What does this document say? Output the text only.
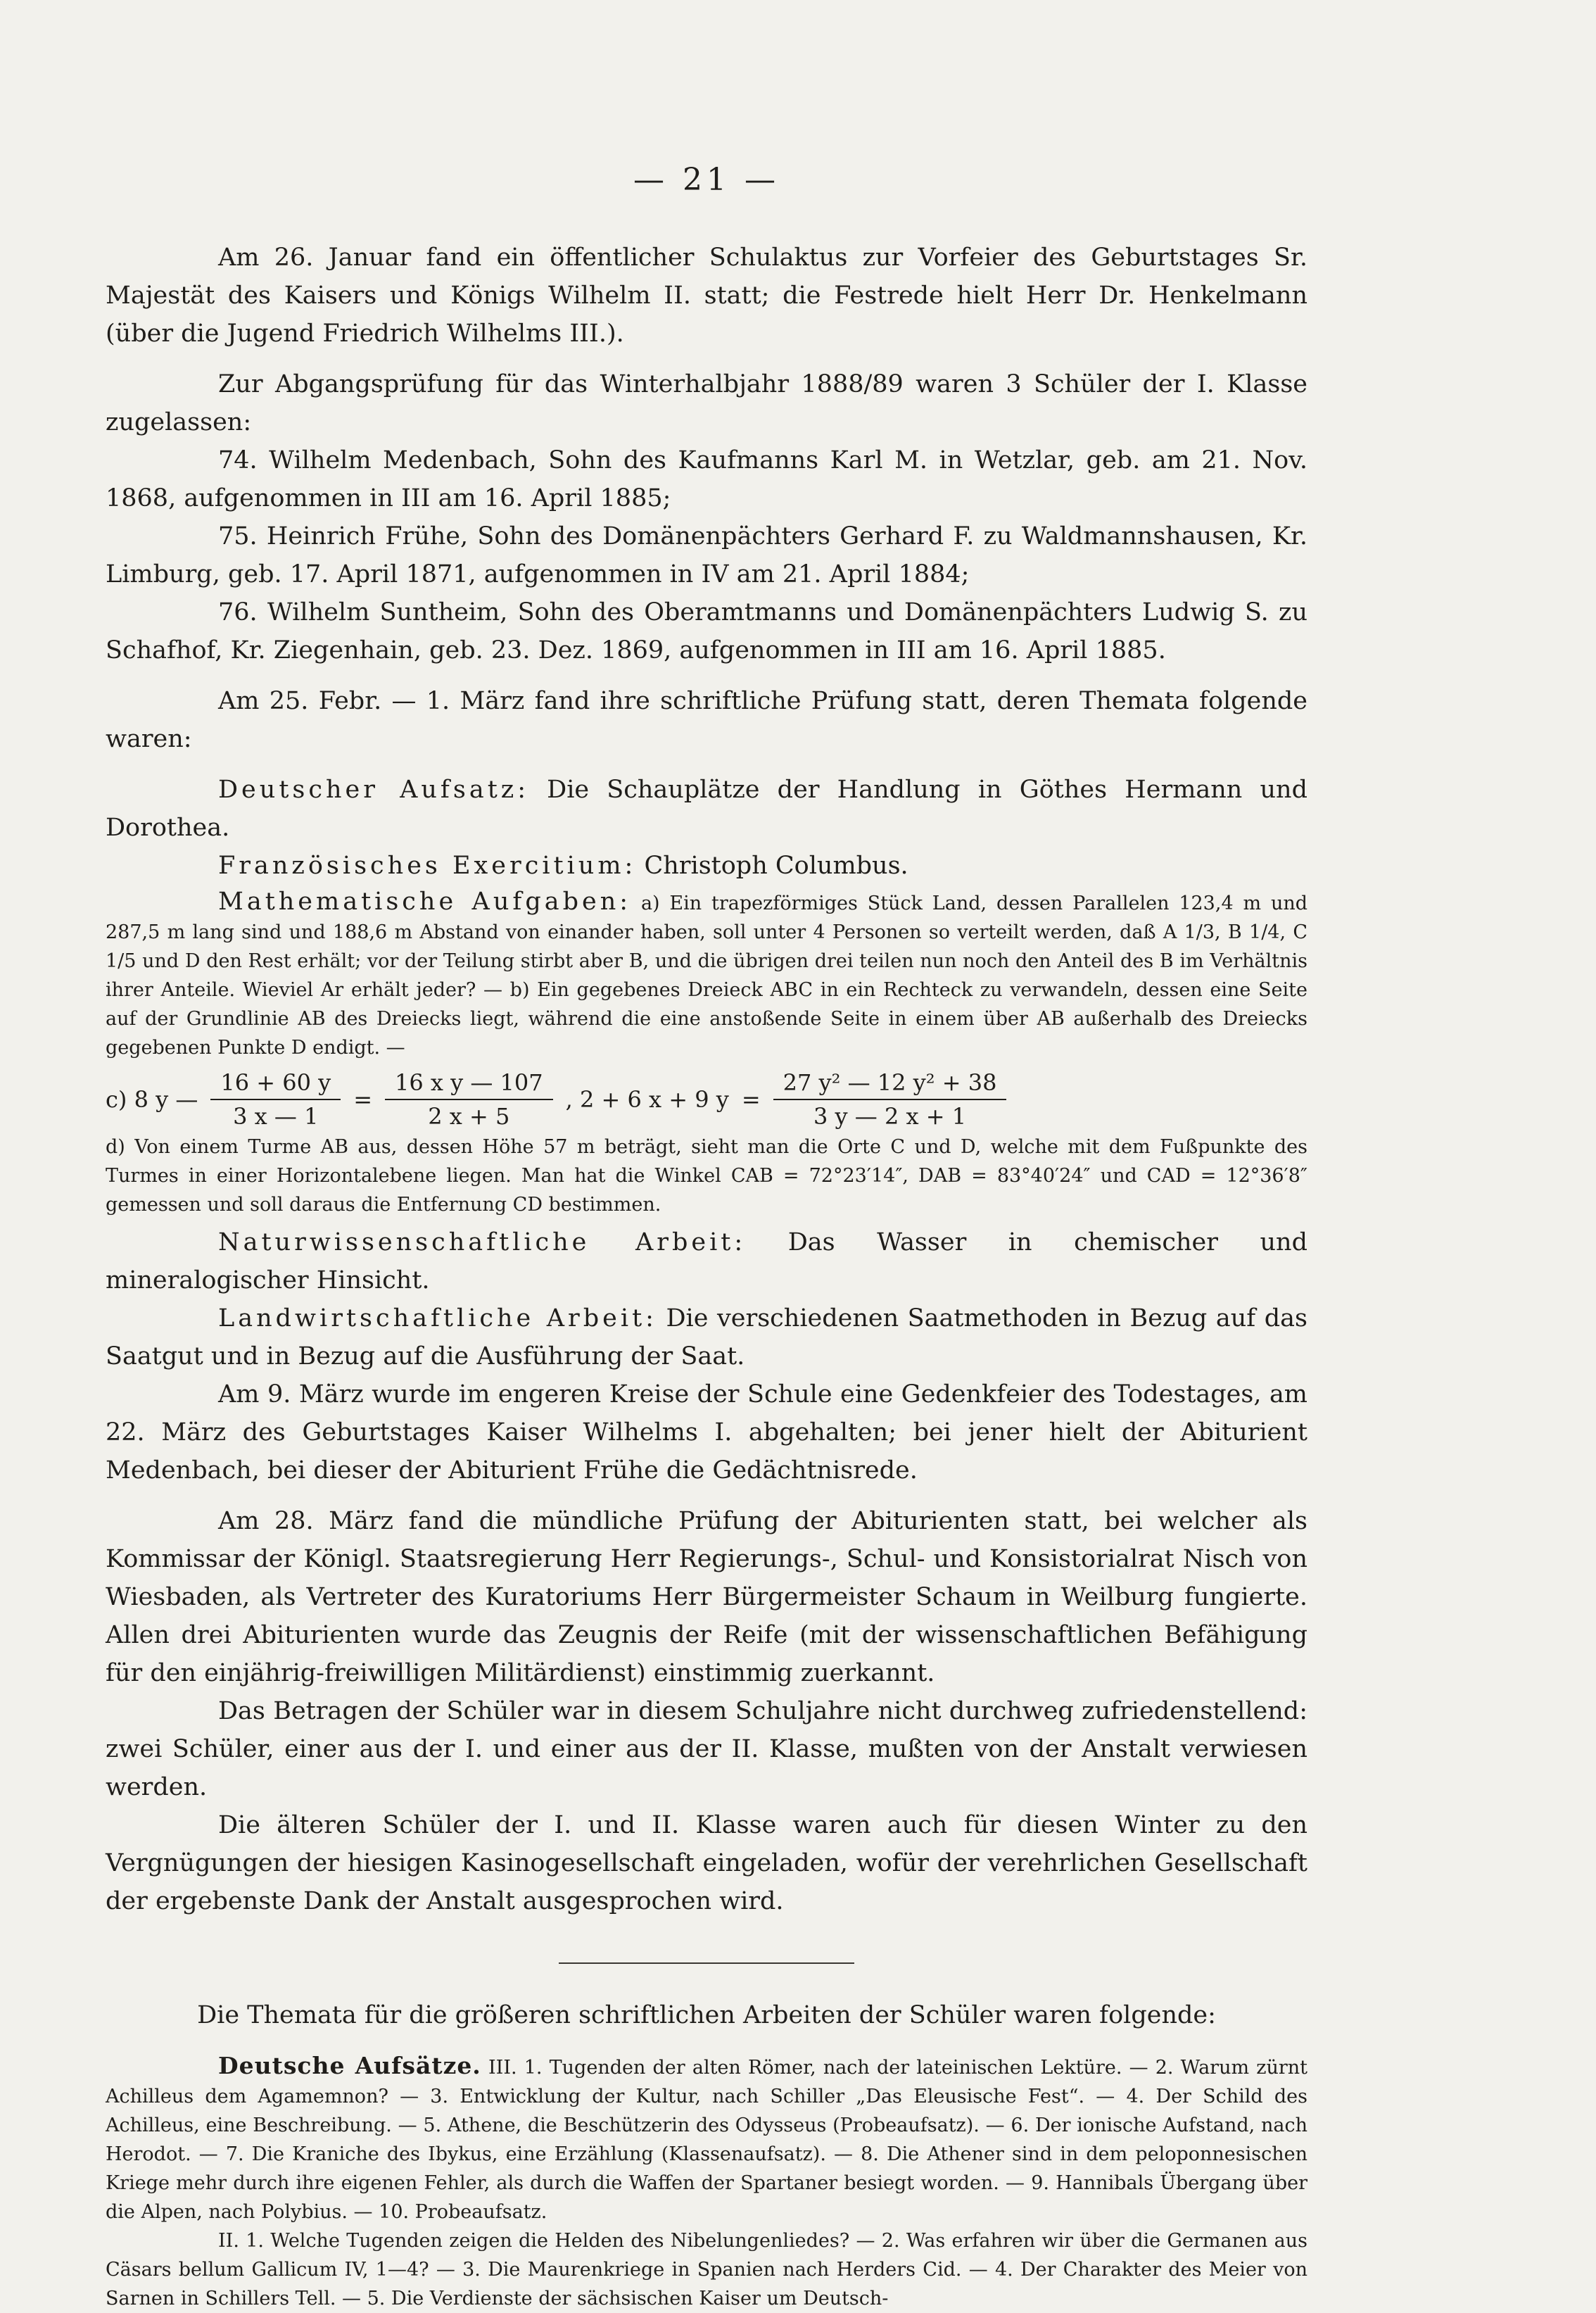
— 21 —

Am 26. Januar fand ein öffentlicher Schulaktus zur Vorfeier des Geburtstages Sr. Majestät des Kaisers und Königs Wilhelm II. statt; die Festrede hielt Herr Dr. Henkelmann (über die Jugend Friedrich Wilhelms III.).

Zur Abgangsprüfung für das Winterhalbjahr 1888/89 waren 3 Schüler der I. Klasse zugelassen:

74. Wilhelm Medenbach, Sohn des Kaufmanns Karl M. in Wetzlar, geb. am 21. Nov. 1868, aufgenommen in III am 16. April 1885;

75. Heinrich Frühe, Sohn des Domänenpächters Gerhard F. zu Waldmannshausen, Kr. Limburg, geb. 17. April 1871, aufgenommen in IV am 21. April 1884;

76. Wilhelm Suntheim, Sohn des Oberamtmanns und Domänenpächters Ludwig S. zu Schafhof, Kr. Ziegenhain, geb. 23. Dez. 1869, aufgenommen in III am 16. April 1885.

Am 25. Febr. — 1. März fand ihre schriftliche Prüfung statt, deren Themata folgende waren:

Deutscher Aufsatz: Die Schauplätze der Handlung in Göthes Hermann und Dorothea.

Französisches Exercitium: Christoph Columbus.

Mathematische Aufgaben: a) Ein trapezförmiges Stück Land, dessen Parallelen 123,4 m und 287,5 m lang sind und 188,6 m Abstand von einander haben, soll unter 4 Personen so verteilt werden, daß A 1/3, B 1/4, C 1/5 und D den Rest erhält; vor der Teilung stirbt aber B, und die übrigen drei teilen nun noch den Anteil des B im Verhältnis ihrer Anteile. Wieviel Ar erhält jeder? — b) Ein gegebenes Dreieck ABC in ein Rechteck zu verwandeln, dessen eine Seite auf der Grundlinie AB des Dreiecks liegt, während die eine anstoßende Seite in einem über AB außerhalb des Dreiecks gegebenen Punkte D endigt. —

c) 8 y — $\frac{16 + 60 y}{3 x — 1} = \frac{\text{16 x y — 107}}{2 x + 5}$ , 2 + 6 x + 9 $y = \frac{\text{27 y² — 12 y² + 38}}{3 y — 2 x + 1}$

d) Von einem Turme AB aus, dessen Höhe 57 m beträgt, sieht man die Orte C und D, welche mit dem Fußpunkte des Turmes in einer Horizontalebene liegen. Man hat die Winkel CAB = 72°23′14″, DAB = 83°40′24″ und CAD = 12°36′8″ gemessen und soll daraus die Entfernung CD bestimmen.

Naturwissenschaftliche Arbeit: Das Wasser in chemischer und mineralogischer Hinsicht.

Landwirtschaftliche Arbeit: Die verschiedenen Saatmethoden in Bezug auf das Saatgut und in Bezug auf die Ausführung der Saat.

Am 9. März wurde im engeren Kreise der Schule eine Gedenkfeier des Todestages, am 22. März des Geburtstages Kaiser Wilhelms I. abgehalten; bei jener hielt der Abiturient Medenbach, bei dieser der Abiturient Frühe die Gedächtnisrede.

Am 28. März fand die mündliche Prüfung der Abiturienten statt, bei welcher als Kommissar der Königl. Staatsregierung Herr Regierungs-, Schul- und Konsistorialrat Nisch von Wiesbaden, als Vertreter des Kuratoriums Herr Bürgermeister Schaum in Weilburg fungierte. Allen drei Abiturienten wurde das Zeugnis der Reife (mit der wissenschaftlichen Befähigung für den einjährig-freiwilligen Militärdienst) einstimmig zuerkannt.

Das Betragen der Schüler war in diesem Schuljahre nicht durchweg zufriedenstellend: zwei Schüler, einer aus der I. und einer aus der II. Klasse, mußten von der Anstalt verwiesen werden.

Die älteren Schüler der I. und II. Klasse waren auch für diesen Winter zu den Vergnügungen der hiesigen Kasinogesellschaft eingeladen, wofür der verehrlichen Gesellschaft der ergebenste Dank der Anstalt ausgesprochen wird.

Die Themata für die größeren schriftlichen Arbeiten der Schüler waren folgende:

Deutsche Aufsätze. III. 1. Tugenden der alten Römer, nach der lateinischen Lektüre. — 2. Warum zürnt Achilleus dem Agamemnon? — 3. Entwicklung der Kultur, nach Schiller „Das Eleusische Fest“. — 4. Der Schild des Achilleus, eine Beschreibung. — 5. Athene, die Beschützerin des Odysseus (Probeaufsatz). — 6. Der ionische Aufstand, nach Herodot. — 7. Die Kraniche des Ibykus, eine Erzählung (Klassenaufsatz). — 8. Die Athener sind in dem peloponnesischen Kriege mehr durch ihre eigenen Fehler, als durch die Waffen der Spartaner besiegt worden. — 9. Hannibals Übergang über die Alpen, nach Polybius. — 10. Probeaufsatz.

II. 1. Welche Tugenden zeigen die Helden des Nibelungenliedes? — 2. Was erfahren wir über die Germanen aus Cäsars bellum Gallicum IV, 1—4? — 3. Die Maurenkriege in Spanien nach Herders Cid. — 4. Der Charakter des Meier von Sarnen in Schillers Tell. — 5. Die Verdienste der sächsischen Kaiser um Deutsch-
